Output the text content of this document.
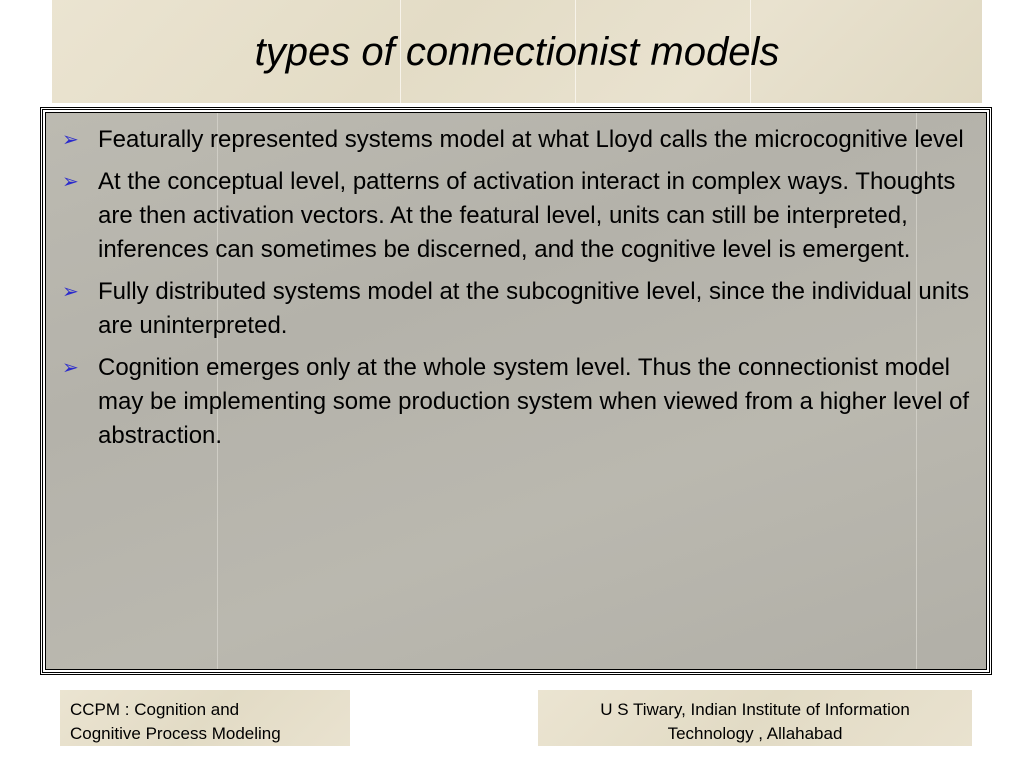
types of connectionist models
➢ Featurally represented systems model at what Lloyd calls the microcognitive level
➢ At the conceptual level, patterns of activation interact in complex ways. Thoughts are then activation vectors. At the featural level, units can still be interpreted, inferences can sometimes be discerned, and the cognitive level is emergent.
➢ Fully distributed systems model at the subcognitive level, since the individual units are uninterpreted.
➢ Cognition emerges only at the whole system level. Thus the connectionist model may be implementing some production system when viewed from a higher level of abstraction.
CCPM : Cognition and
Cognitive Process Modeling
U S Tiwary, Indian Institute of Information
Technology , Allahabad
